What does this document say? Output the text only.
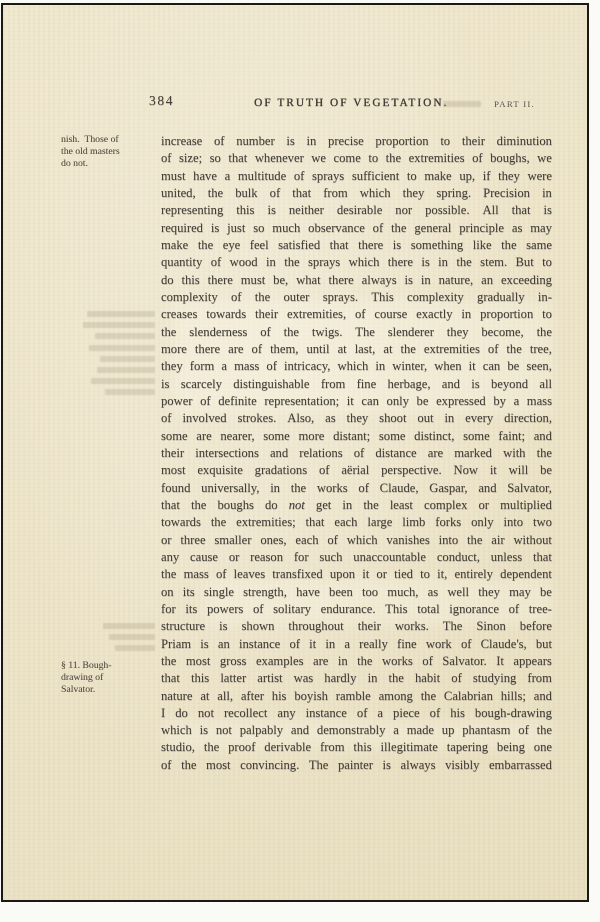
384	OF TRUTH OF VEGETATION.	PART II.
nish. Those of
the old masters
do not.
§ 11. Bough-
drawing of
Salvator.
increase of number is in precise proportion to their diminution
of size; so that whenever we come to the extremities of boughs, we
must have a multitude of sprays sufficient to make up, if they were
united, the bulk of that from which they spring. Precision in
representing this is neither desirable nor possible. All that is
required is just so much observance of the general principle as may
make the eye feel satisfied that there is something like the same
quantity of wood in the sprays which there is in the stem. But to
do this there must be, what there always is in nature, an exceeding
complexity of the outer sprays. This complexity gradually in-
creases towards their extremities, of course exactly in proportion to
the slenderness of the twigs. The slenderer they become, the
more there are of them, until at last, at the extremities of the tree,
they form a mass of intricacy, which in winter, when it can be seen,
is scarcely distinguishable from fine herbage, and is beyond all
power of definite representation; it can only be expressed by a mass
of involved strokes. Also, as they shoot out in every direction,
some are nearer, some more distant; some distinct, some faint; and
their intersections and relations of distance are marked with the
most exquisite gradations of aërial perspective. Now it will be
found universally, in the works of Claude, Gaspar, and Salvator,
that the boughs do not get in the least complex or multiplied
towards the extremities; that each large limb forks only into two
or three smaller ones, each of which vanishes into the air without
any cause or reason for such unaccountable conduct, unless that
the mass of leaves transfixed upon it or tied to it, entirely dependent
on its single strength, have been too much, as well they may be
for its powers of solitary endurance. This total ignorance of tree-
structure is shown throughout their works. The Sinon before
Priam is an instance of it in a really fine work of Claude's, but
the most gross examples are in the works of Salvator. It appears
that this latter artist was hardly in the habit of studying from
nature at all, after his boyish ramble among the Calabrian hills; and
I do not recollect any instance of a piece of his bough-drawing
which is not palpably and demonstrably a made up phantasm of the
studio, the proof derivable from this illegitimate tapering being one
of the most convincing. The painter is always visibly embarrassed
